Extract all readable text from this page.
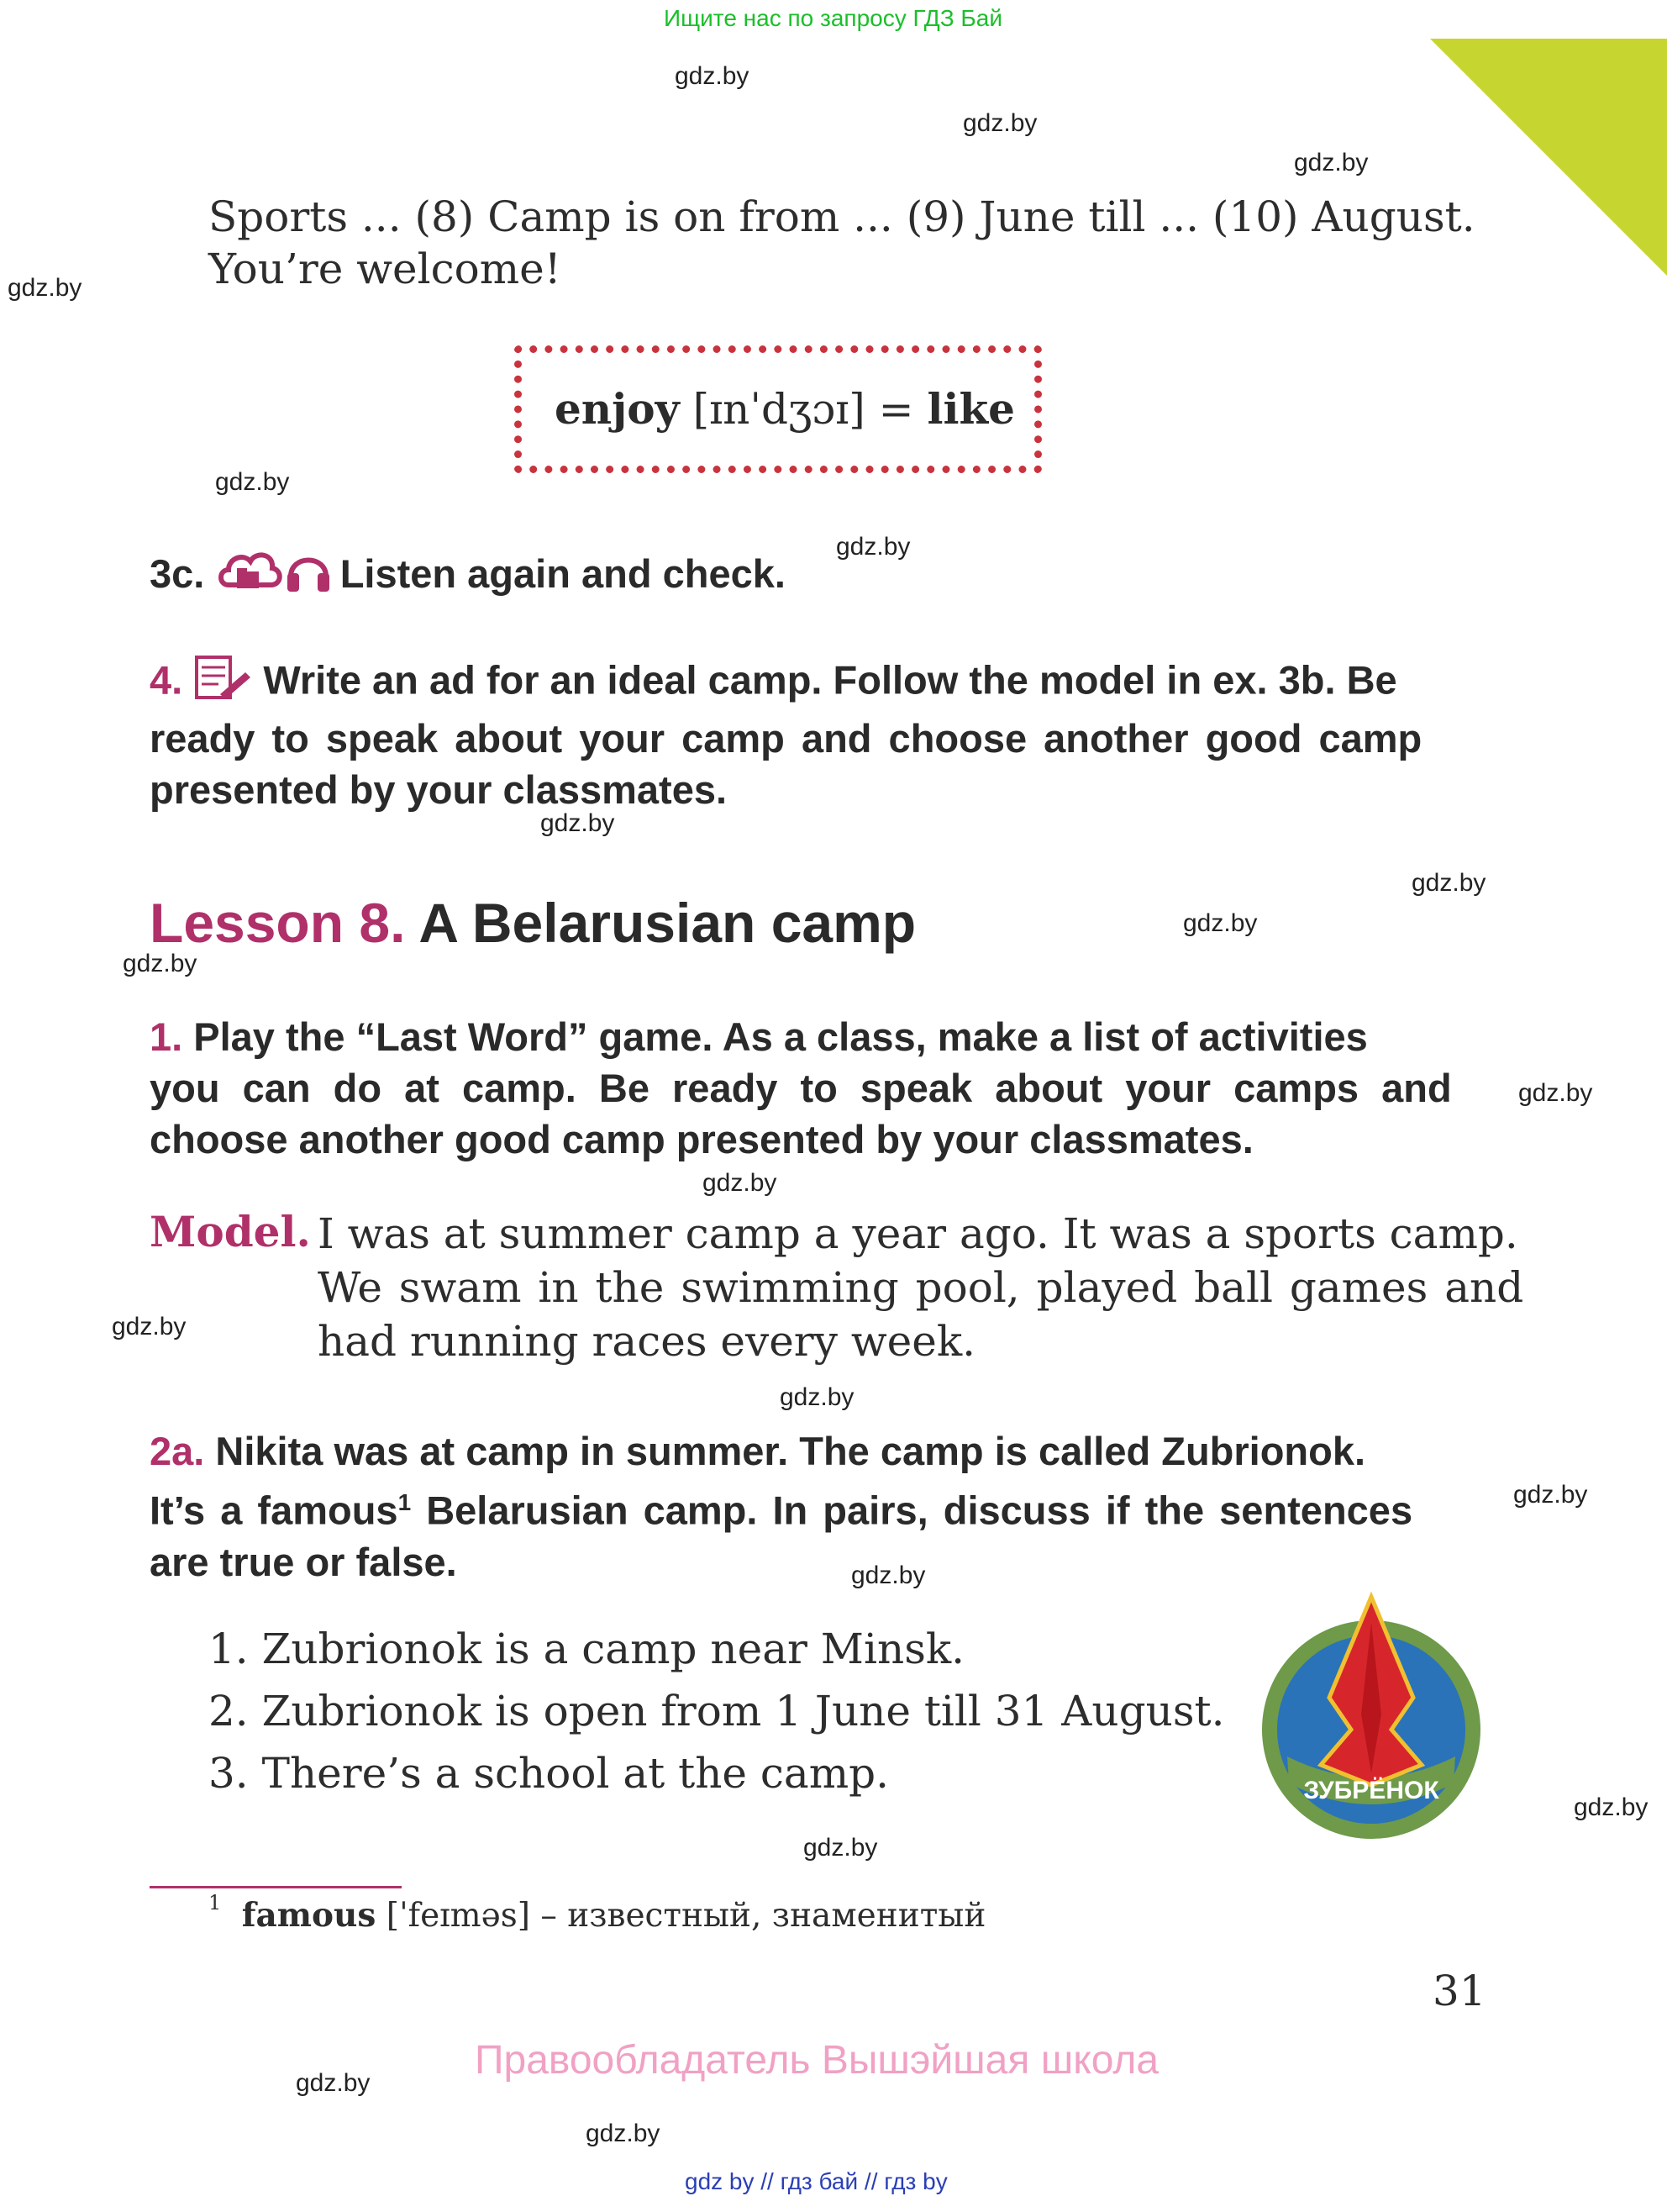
Ищите нас по запросу ГДЗ Бай
gdz.by
gdz.by
gdz.by
gdz.by
gdz.by
gdz.by
gdz.by
gdz.by
gdz.by
gdz.by
gdz.by
gdz.by
gdz.by
gdz.by
gdz.by
gdz.by
gdz.by
gdz.by
gdz.by
gdz.by
Sports ... (8) Camp is on from ... (9) June till ... (10) August.
You’re welcome!
enjoy [ɪnˈdʒɔɪ] = like
3c.	Listen again and check.
4. Write an ad for an ideal camp. Follow the model in ex. 3b. Be
ready to speak about your camp and choose another good camp
presented by your classmates.
Lesson 8. A Belarusian camp
1. Play the “Last Word” game. As a class, make a list of activities
you can do at camp. Be ready to speak about your camps and
choose another good camp presented by your classmates.
Model. I was at summer camp a year ago. It was a sports camp.
We swam in the swimming pool, played ball games and
had running races every week.
2a. Nikita was at camp in summer. The camp is called Zubrionok.
It’s a famous$^1$ Belarusian camp. In pairs, discuss if the sentences
are true or false.
1. Zubrionok is a camp near Minsk.
2. Zubrionok is open from 1 June till 31 August.
3. There’s a school at the camp.	ЗУБРЁНОК
$^1$ famous [ˈfeɪməs] – известный, знаменитый
31
Правообладатель Вышэйшая школа
gdz by // гдз бай // гдз by
